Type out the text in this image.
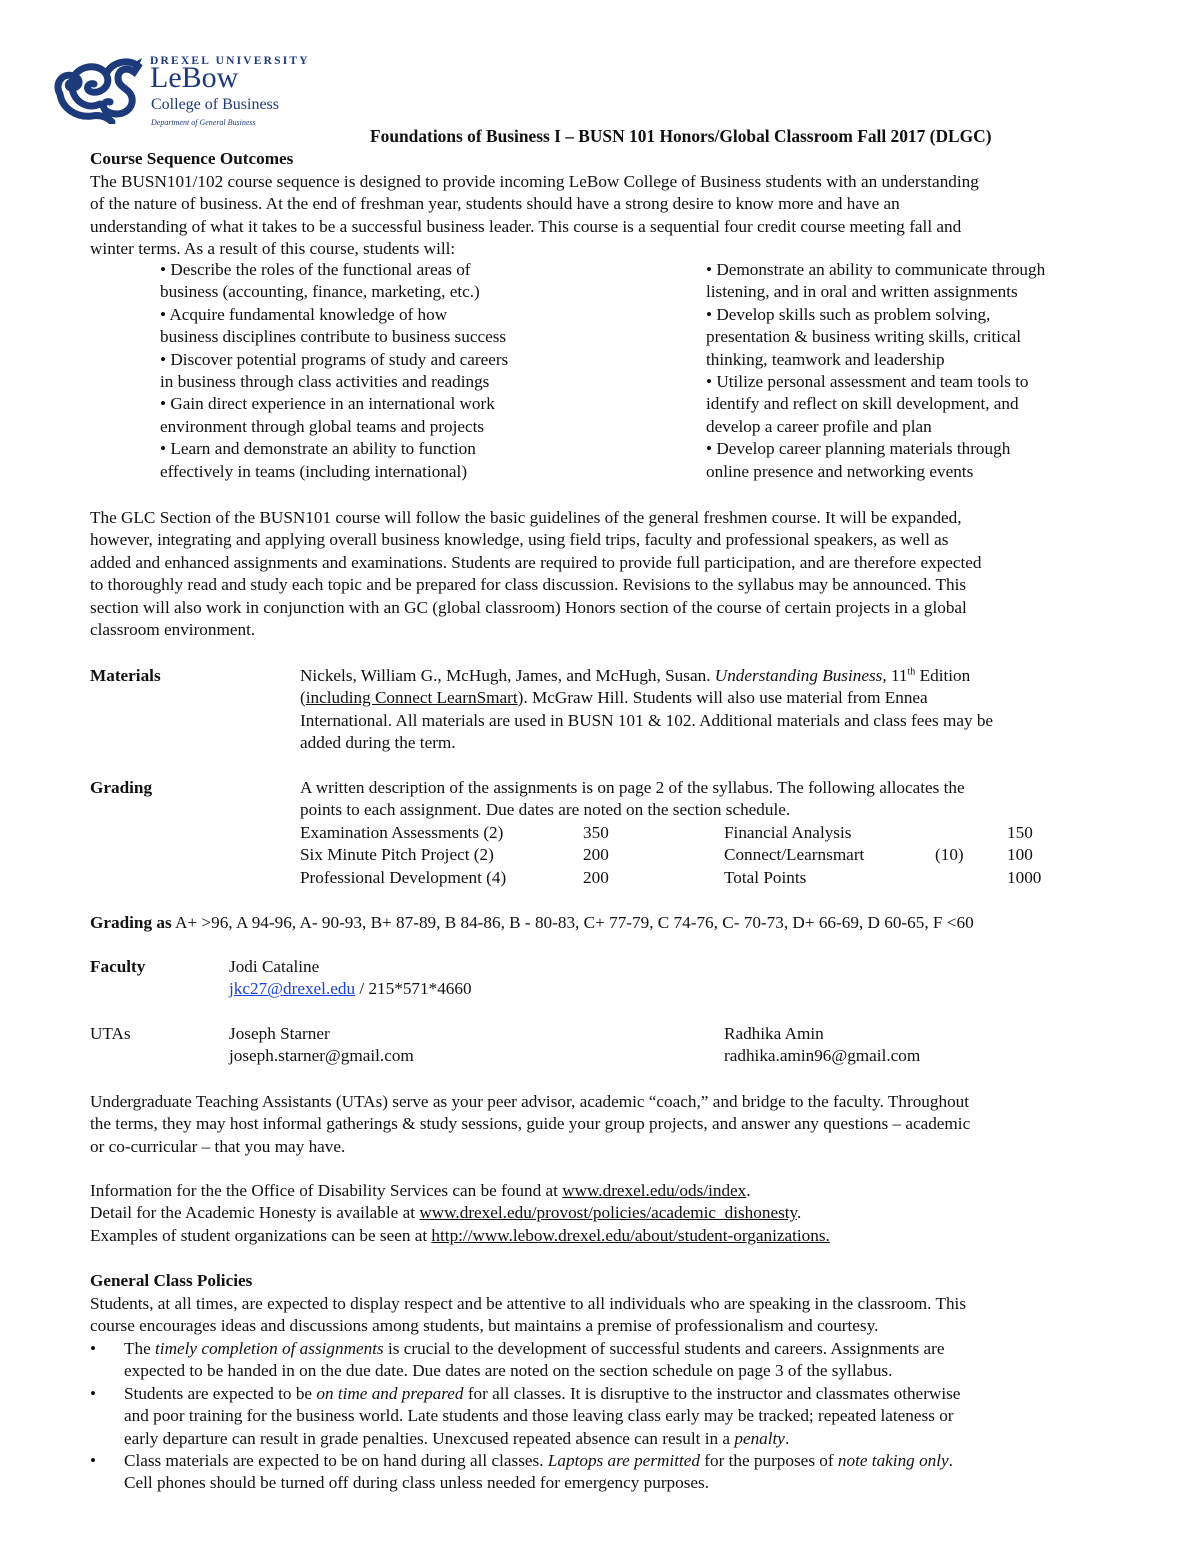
DREXEL UNIVERSITY
LeBow
College of Business
Department of General Business
Foundations of Business I – BUSN 101 Honors/Global Classroom Fall 2017 (DLGC)
Course Sequence Outcomes
The BUSN101/102 course sequence is designed to provide incoming LeBow College of Business students with an understanding
of the nature of business. At the end of freshman year, students should have a strong desire to know more and have an
understanding of what it takes to be a successful business leader. This course is a sequential four credit course meeting fall and
winter terms. As a result of this course, students will:
• Describe the roles of the functional areas of
business (accounting, finance, marketing, etc.)
• Acquire fundamental knowledge of how
business disciplines contribute to business success
• Discover potential programs of study and careers
in business through class activities and readings
• Gain direct experience in an international work
environment through global teams and projects
• Learn and demonstrate an ability to function
effectively in teams (including international)
• Demonstrate an ability to communicate through
listening, and in oral and written assignments
• Develop skills such as problem solving,
presentation & business writing skills, critical
thinking, teamwork and leadership
• Utilize personal assessment and team tools to
identify and reflect on skill development, and
develop a career profile and plan
• Develop career planning materials through
online presence and networking events
The GLC Section of the BUSN101 course will follow the basic guidelines of the general freshmen course. It will be expanded,
however, integrating and applying overall business knowledge, using field trips, faculty and professional speakers, as well as
added and enhanced assignments and examinations. Students are required to provide full participation, and are therefore expected
to thoroughly read and study each topic and be prepared for class discussion. Revisions to the syllabus may be announced. This
section will also work in conjunction with an GC (global classroom) Honors section of the course of certain projects in a global
classroom environment.
Materials	Nickels, William G., McHugh, James, and McHugh, Susan. Understanding Business, 11th Edition
(including Connect LearnSmart). McGraw Hill. Students will also use material from Ennea
International. All materials are used in BUSN 101 & 102. Additional materials and class fees may be
added during the term.
Grading	A written description of the assignments is on page 2 of the syllabus. The following allocates the
points to each assignment. Due dates are noted on the section schedule.
Examination Assessments (2)	350	Financial Analysis	150
Six Minute Pitch Project (2)	200	Connect/Learnsmart	(10)	100
Professional Development (4)	200	Total Points	1000
Grading as A+ >96, A 94-96, A- 90-93, B+ 87-89, B 84-86, B - 80-83, C+ 77-79, C 74-76, C- 70-73, D+ 66-69, D 60-65, F <60
Faculty	Jodi Cataline
jkc27@drexel.edu / 215*571*4660
UTAs	Joseph Starner
joseph.starner@gmail.com
Radhika Amin
radhika.amin96@gmail.com
Undergraduate Teaching Assistants (UTAs) serve as your peer advisor, academic “coach,” and bridge to the faculty. Throughout
the terms, they may host informal gatherings & study sessions, guide your group projects, and answer any questions – academic
or co-curricular – that you may have.
Information for the the Office of Disability Services can be found at www.drexel.edu/ods/index.
Detail for the Academic Honesty is available at www.drexel.edu/provost/policies/academic_dishonesty.
Examples of student organizations can be seen at http://www.lebow.drexel.edu/about/student-organizations.
General Class Policies
Students, at all times, are expected to display respect and be attentive to all individuals who are speaking in the classroom. This
course encourages ideas and discussions among students, but maintains a premise of professionalism and courtesy.
• The timely completion of assignments is crucial to the development of successful students and careers. Assignments are
expected to be handed in on the due date. Due dates are noted on the section schedule on page 3 of the syllabus.
• Students are expected to be on time and prepared for all classes. It is disruptive to the instructor and classmates otherwise
and poor training for the business world. Late students and those leaving class early may be tracked; repeated lateness or
early departure can result in grade penalties. Unexcused repeated absence can result in a penalty.
• Class materials are expected to be on hand during all classes. Laptops are permitted for the purposes of note taking only.
Cell phones should be turned off during class unless needed for emergency purposes.
